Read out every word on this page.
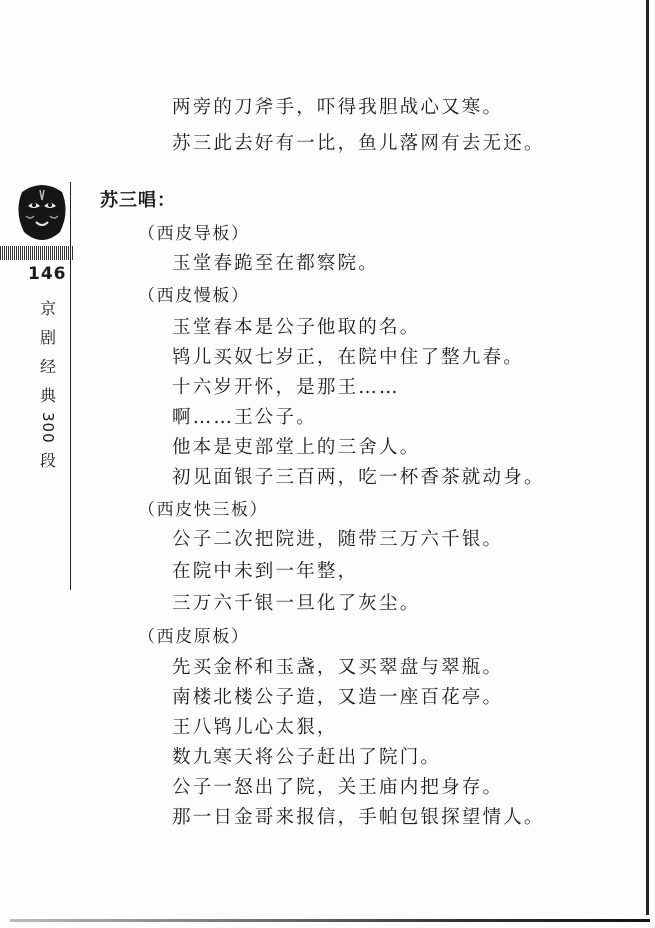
146
京
剧
经
典
300
段
两旁的刀斧手，吓得我胆战心又寒。
苏三此去好有一比，鱼儿落网有去无还。
苏三唱：
（西皮导板）
玉堂春跪至在都察院。
（西皮慢板）
玉堂春本是公子他取的名。
鸨儿买奴七岁正，在院中住了整九春。
十六岁开怀，是那王……
啊……王公子。
他本是吏部堂上的三舍人。
初见面银子三百两，吃一杯香茶就动身。
（西皮快三板）
公子二次把院进，随带三万六千银。
在院中未到一年整，
三万六千银一旦化了灰尘。
（西皮原板）
先买金杯和玉盏，又买翠盘与翠瓶。
南楼北楼公子造，又造一座百花亭。
王八鸨儿心太狠，
数九寒天将公子赶出了院门。
公子一怒出了院，关王庙内把身存。
那一日金哥来报信，手帕包银探望情人。
